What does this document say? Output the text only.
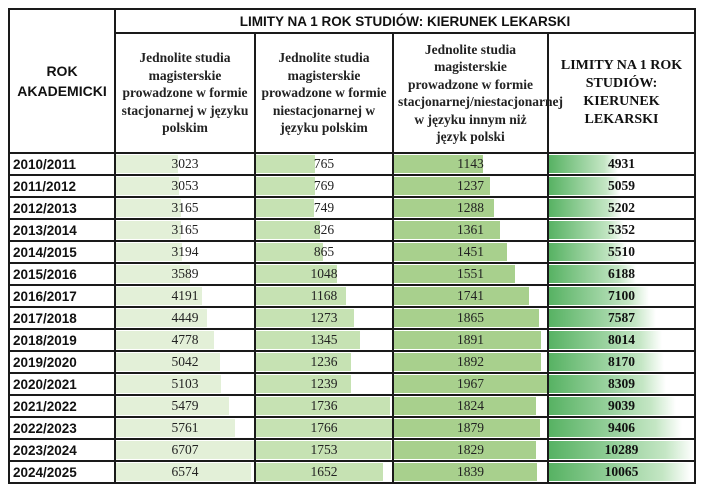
ROK AKADEMICKI	LIMITY NA 1 ROK STUDIÓW: KIERUNEK LEKARSKI			
	Jednolite studia magisterskie prowadzone w formie stacjonarnej w języku polskim	Jednolite studia magisterskie prowadzone w formie niestacjonarnej w języku polskim	Jednolite studia magisterskie prowadzone w formie stacjonarnej/niestacjonarnej w języku innym niż język polski	LIMITY NA 1 ROK STUDIÓW: KIERUNEK LEKARSKI
2010/2011	3023	765	1143	4931

2011/2012	3053	769	1237	5059

2012/2013	3165	749	1288	5202

2013/2014	3165	826	1361	5352

2014/2015	3194	865	1451	5510

2015/2016	3589	1048	1551	6188

2016/2017	4191	1168	1741	7100

2017/2018	4449	1273	1865	7587

2018/2019	4778	1345	1891	8014

2019/2020	5042	1236	1892	8170

2020/2021	5103	1239	1967	8309

2021/2022	5479	1736	1824	9039

2022/2023	5761	1766	1879	9406

2023/2024	6707	1753	1829	10289

2024/2025	6574	1652	1839	10065
